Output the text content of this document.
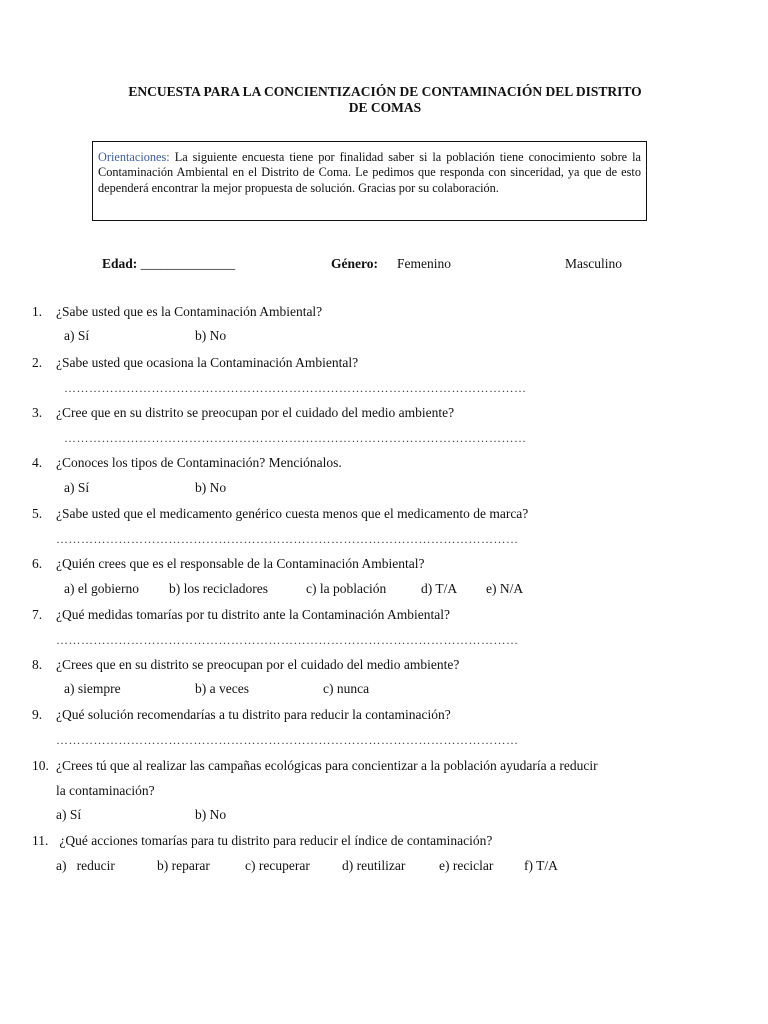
ENCUESTA PARA LA CONCIENTIZACIÓN DE CONTAMINACIÓN DEL DISTRITO
DE COMAS
Orientaciones: La siguiente encuesta tiene por finalidad saber si la población tiene conocimiento sobre la Contaminación Ambiental en el Distrito de Coma. Le pedimos que responda con sinceridad, ya que de esto dependerá encontrar la mejor propuesta de solución. Gracias por su colaboración.
Edad: ______________	Género: Femenino	Masculino
1. ¿Sabe usted que es la Contaminación Ambiental?
a) Sí	b) No
2. ¿Sabe usted que ocasiona la Contaminación Ambiental?
…………………………………………………………………………………………………
3. ¿Cree que en su distrito se preocupan por el cuidado del medio ambiente?
…………………………………………………………………………………………………
4. ¿Conoces los tipos de Contaminación? Menciónalos.
a) Sí	b) No
5. ¿Sabe usted que el medicamento genérico cuesta menos que el medicamento de marca?
…………………………………………………………………………………………………
6. ¿Quién crees que es el responsable de la Contaminación Ambiental?
a) el gobierno b) los recicladores	c) la población	d) T/A e) N/A
7. ¿Qué medidas tomarías por tu distrito ante la Contaminación Ambiental?
…………………………………………………………………………………………………
8. ¿Crees que en su distrito se preocupan por el cuidado del medio ambiente?
a) siempre	b) a veces	c) nunca
9. ¿Qué solución recomendarías a tu distrito para reducir la contaminación?
…………………………………………………………………………………………………
10. ¿Crees tú que al realizar las campañas ecológicas para concientizar a la población ayudaría a reducir
la contaminación?
a) Sí	b) No
11. ¿Qué acciones tomarías para tu distrito para reducir el índice de contaminación?
a)   reducir	b) reparar	c) recuperar d) reutilizar e) reciclar f) T/A
